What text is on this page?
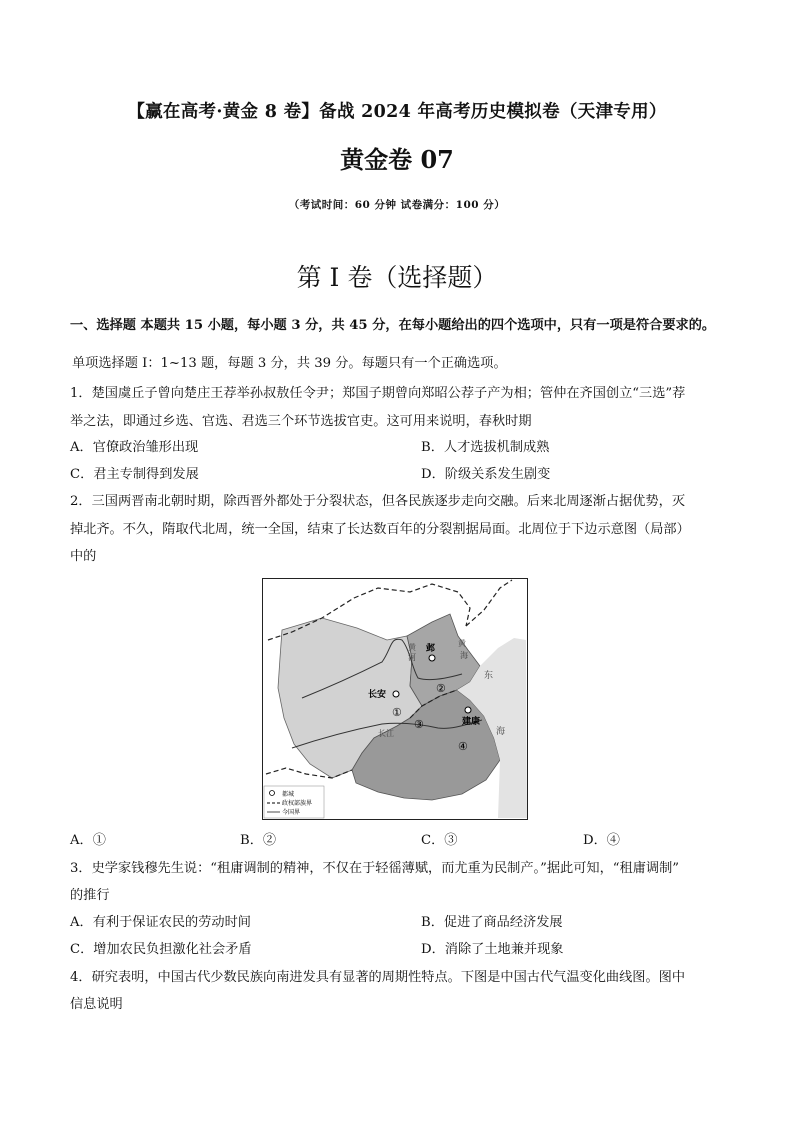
【赢在高考·黄金 8 卷】备战 2024 年高考历史模拟卷（天津专用）
黄金卷 07
（考试时间：60 分钟 试卷满分：100 分）
第 I 卷（选择题）
一、选择题 本题共 15 小题，每小题 3 分，共 45 分，在每小题给出的四个选项中，只有一项是符合要求的。
单项选择题 I：1~13 题，每题 3 分，共 39 分。每题只有一个正确选项。
1．楚国虞丘子曾向楚庄王荐举孙叔敖任令尹；郑国子期曾向郑昭公荐子产为相；管仲在齐国创立“三选”荐
举之法，即通过乡选、官选、君选三个环节选拔官吏。这可用来说明，春秋时期
A．官僚政治雏形出现	B．人才选拔机制成熟
C．君主专制得到发展	D．阶级关系发生剧变
2．三国两晋南北朝时期，除西晋外都处于分裂状态，但各民族逐步走向交融。后来北周逐渐占据优势，灭
掉北齐。不久，隋取代北周，统一全国，结束了长达数百年的分裂割据局面。北周位于下边示意图（局部）
中的
邺
长安
建康
①
②
③
④
东
海
黄
海
长 江
黄
河
都城
政权部族界
今国界
A．①	B．②	C．③	D．④
3．史学家钱穆先生说：“租庸调制的精神，不仅在于轻徭薄赋，而尤重为民制产。”据此可知，“租庸调制”
的推行
A．有利于保证农民的劳动时间	B．促进了商品经济发展
C．增加农民负担激化社会矛盾	D．消除了土地兼并现象
4．研究表明，中国古代少数民族向南进发具有显著的周期性特点。下图是中国古代气温变化曲线图。图中
信息说明
